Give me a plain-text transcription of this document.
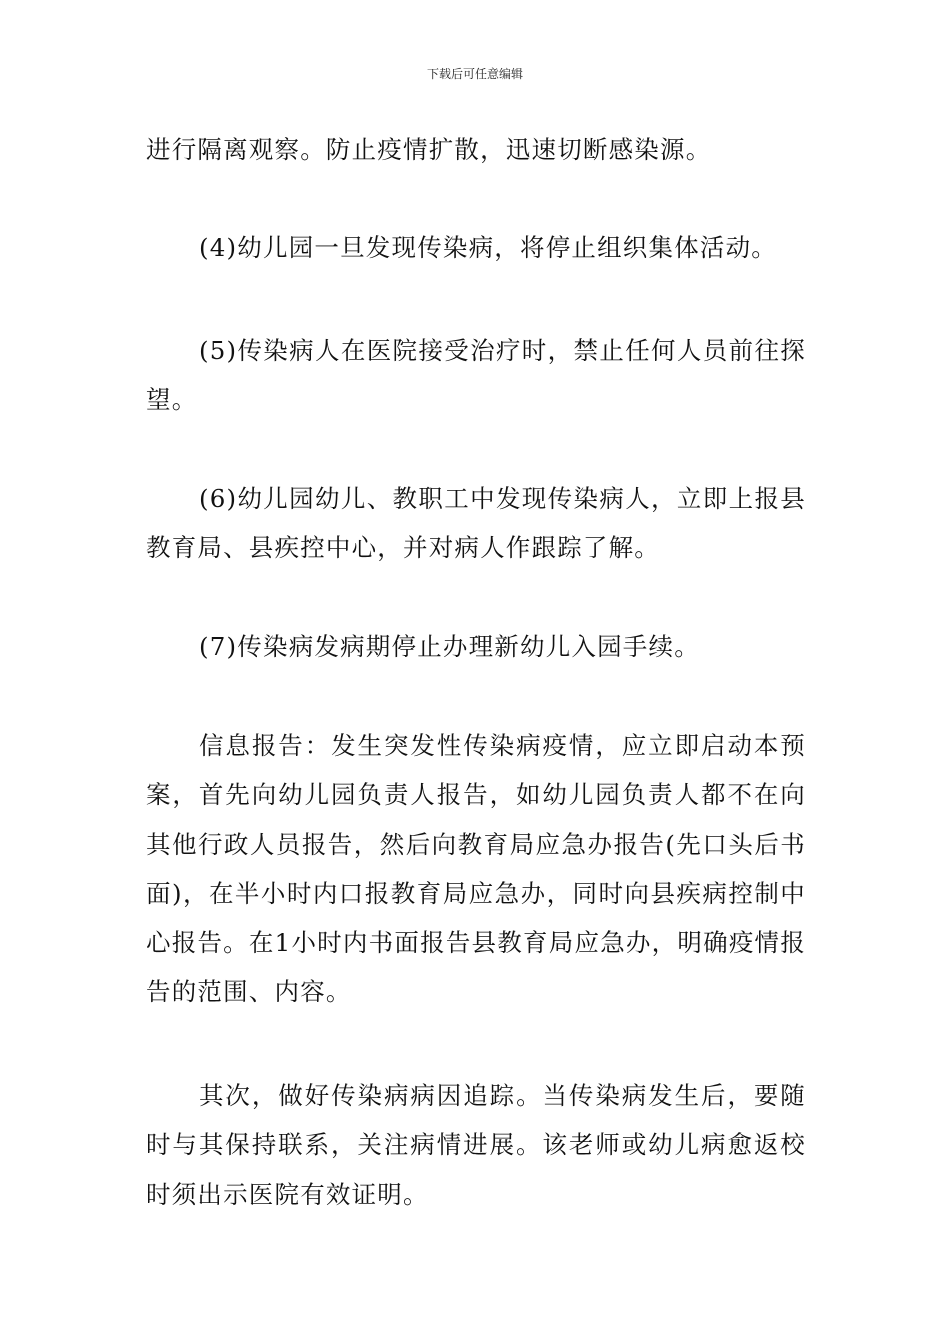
下载后可任意编辑

进行隔离观察。防止疫情扩散，迅速切断感染源。

(4)幼儿园一旦发现传染病，将停止组织集体活动。

(5)传染病人在医院接受治疗时，禁止任何人员前往探望。

(6)幼儿园幼儿、教职工中发现传染病人，立即上报县教育局、县疾控中心，并对病人作跟踪了解。

(7)传染病发病期停止办理新幼儿入园手续。

信息报告：发生突发性传染病疫情，应立即启动本预案，首先向幼儿园负责人报告，如幼儿园负责人都不在向其他行政人员报告，然后向教育局应急办报告(先口头后书面)，在半小时内口报教育局应急办，同时向县疾病控制中心报告。在1小时内书面报告县教育局应急办，明确疫情报告的范围、内容。

其次，做好传染病病因追踪。当传染病发生后，要随时与其保持联系，关注病情进展。该老师或幼儿病愈返校时须出示医院有效证明。
